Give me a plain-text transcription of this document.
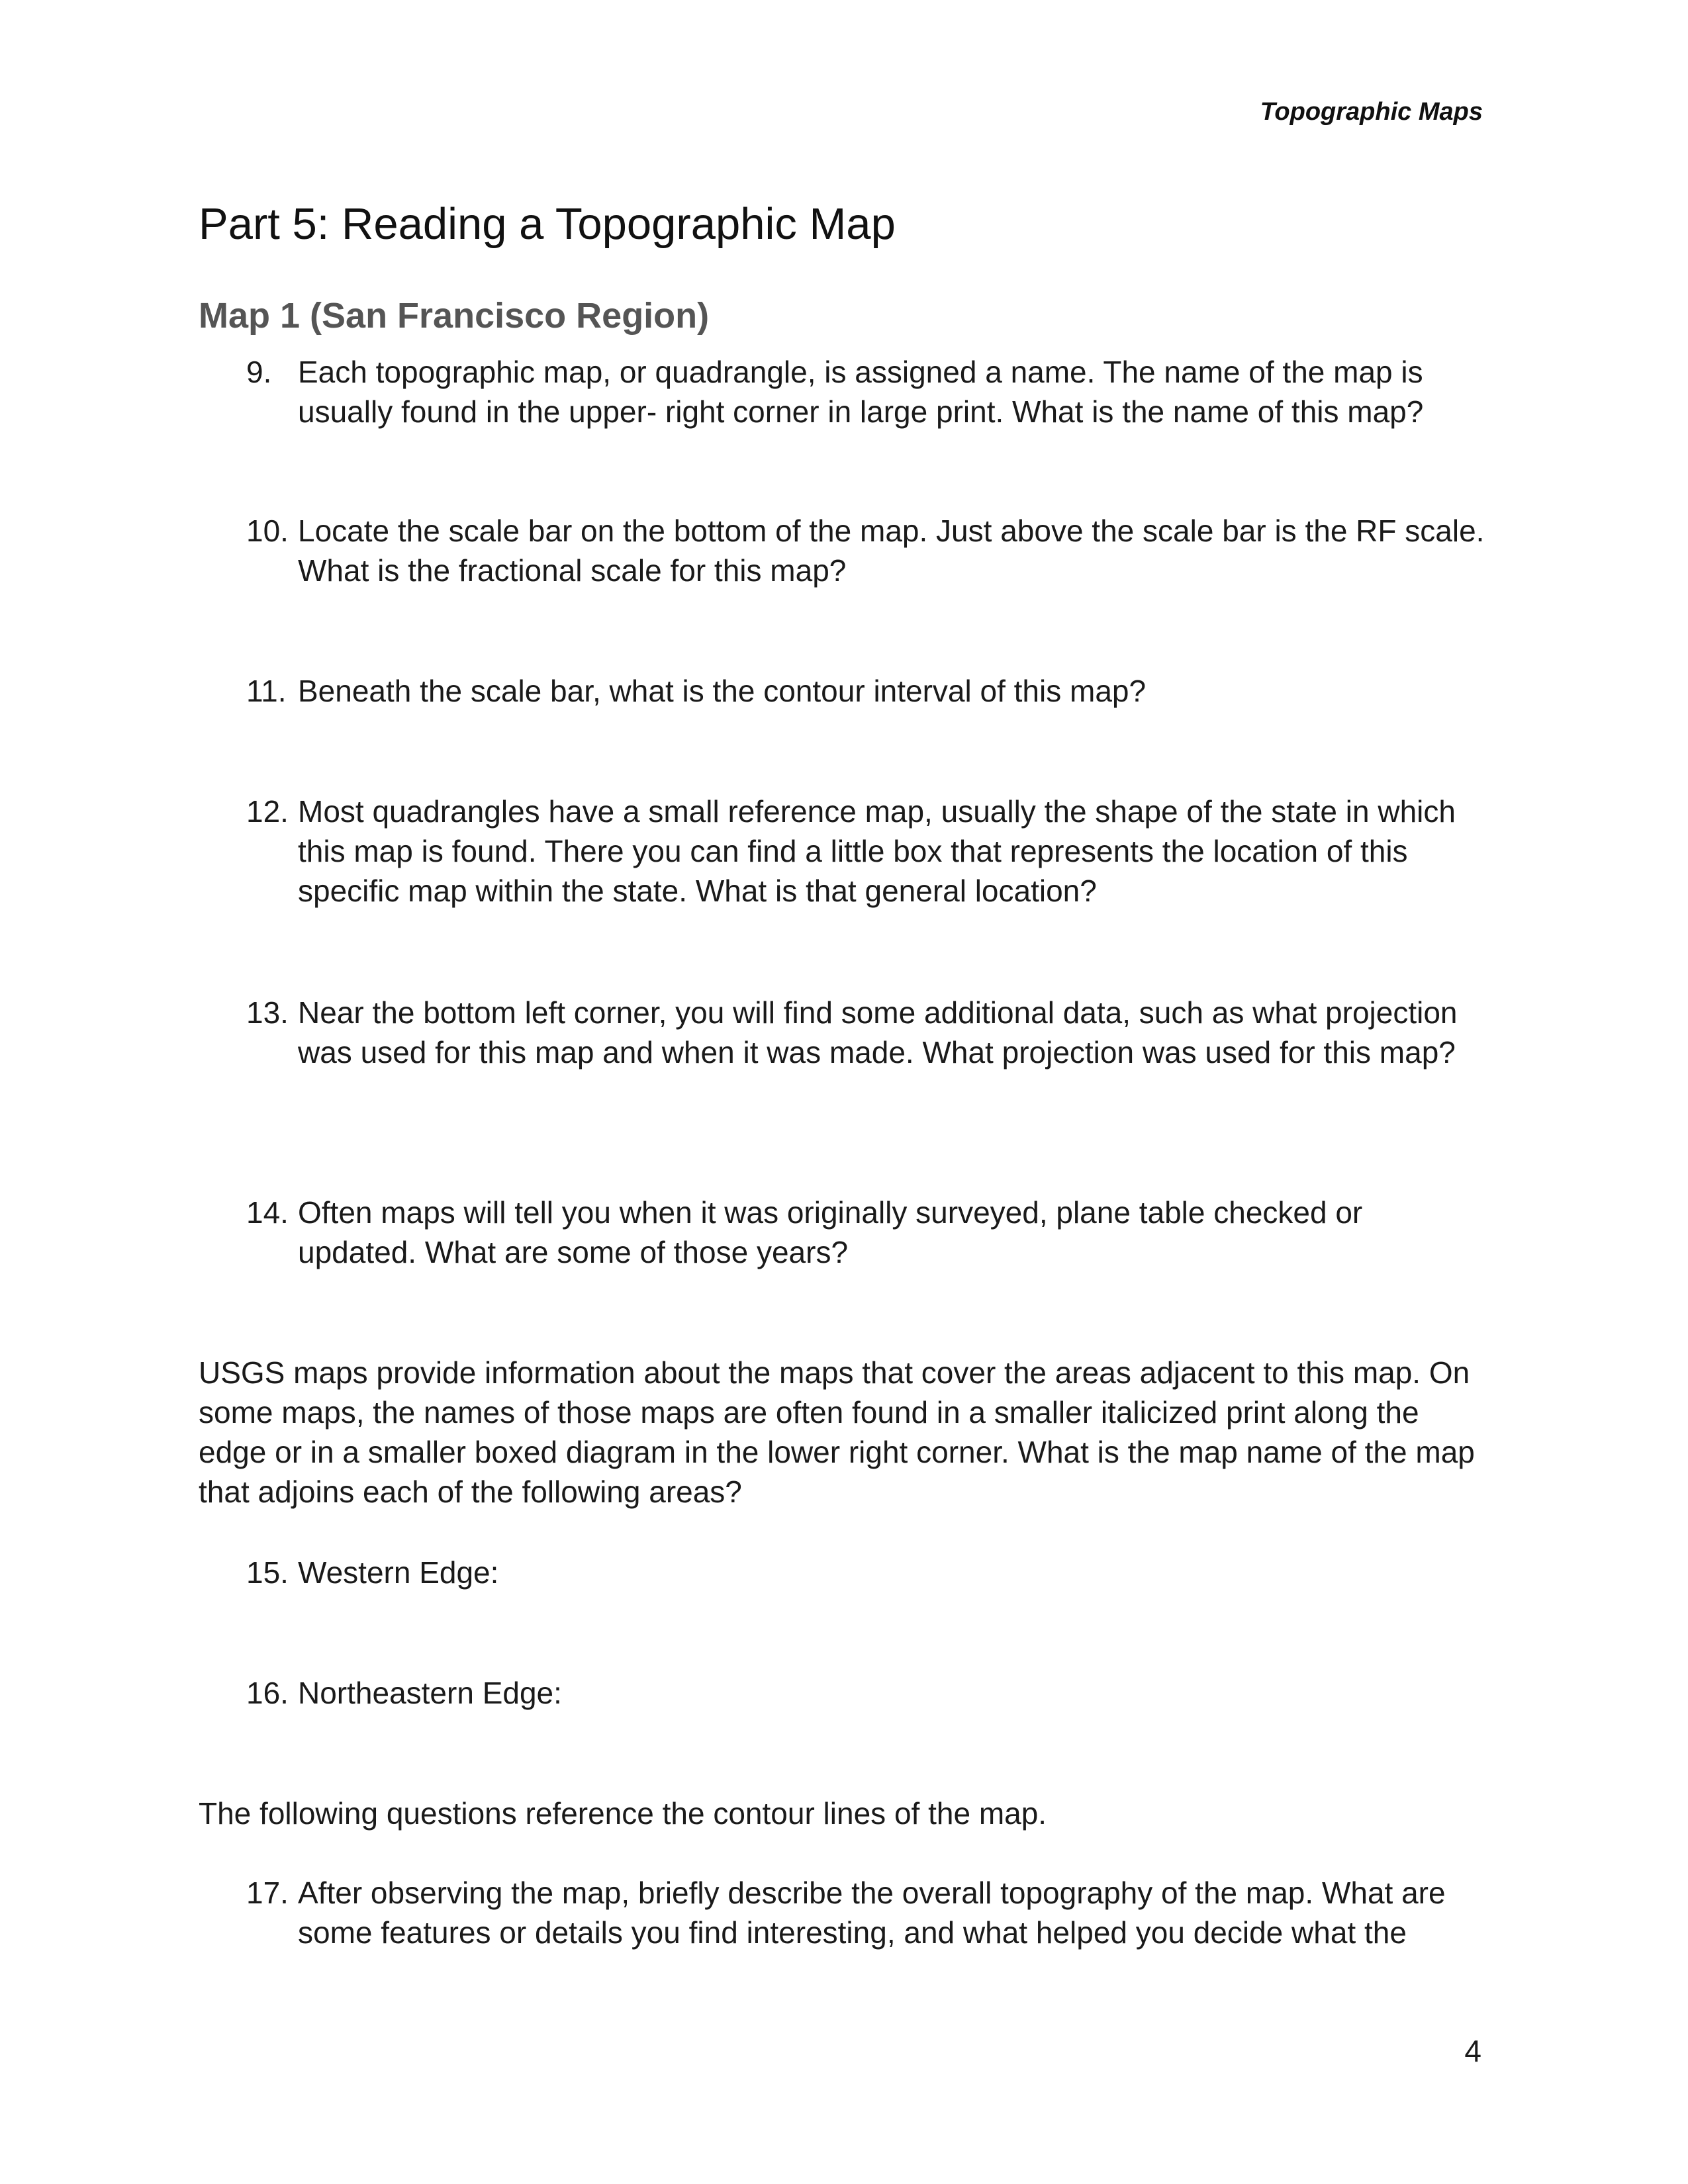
Topographic Maps
Part 5: Reading a Topographic Map
Map 1 (San Francisco Region)
9. Each topographic map, or quadrangle, is assigned a name. The name of the map is usually found in the upper- right corner in large print. What is the name of this map?
10. Locate the scale bar on the bottom of the map. Just above the scale bar is the RF scale. What is the fractional scale for this map?
11. Beneath the scale bar, what is the contour interval of this map?
12. Most quadrangles have a small reference map, usually the shape of the state in which this map is found. There you can find a little box that represents the location of this specific map within the state. What is that general location?
13. Near the bottom left corner, you will find some additional data, such as what projection was used for this map and when it was made. What projection was used for this map?
14. Often maps will tell you when it was originally surveyed, plane table checked or updated. What are some of those years?
USGS maps provide information about the maps that cover the areas adjacent to this map. On some maps, the names of those maps are often found in a smaller italicized print along the edge or in a smaller boxed diagram in the lower right corner. What is the map name of the map that adjoins each of the following areas?
15. Western Edge:
16. Northeastern Edge:
The following questions reference the contour lines of the map.
17. After observing the map, briefly describe the overall topography of the map. What are some features or details you find interesting, and what helped you decide what the
4
